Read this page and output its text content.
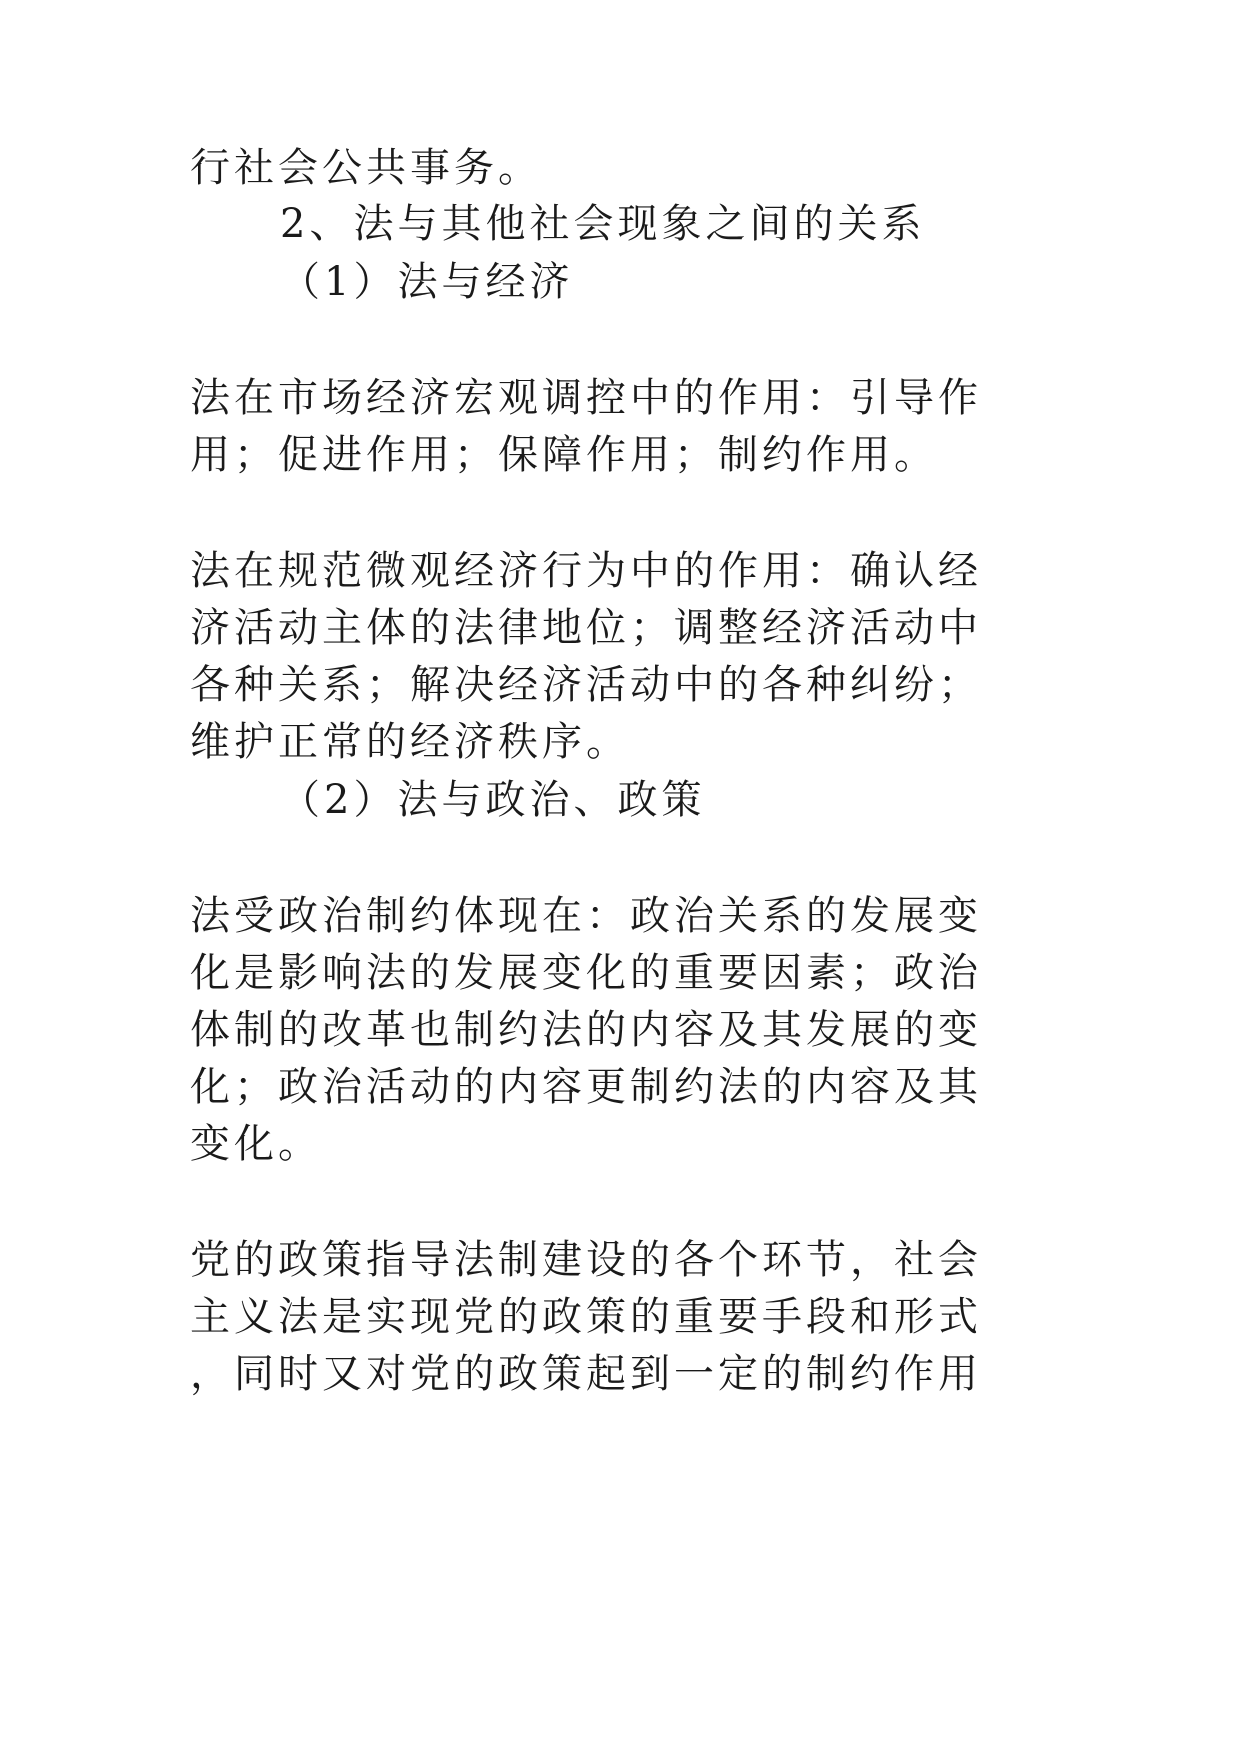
行社会公共事务。
2、法与其他社会现象之间的关系
（1）法与经济
法在市场经济宏观调控中的作用：引导作
用；促进作用；保障作用；制约作用。
法在规范微观经济行为中的作用：确认经
济活动主体的法律地位；调整经济活动中
各种关系；解决经济活动中的各种纠纷；
维护正常的经济秩序。
（2）法与政治、政策
法受政治制约体现在：政治关系的发展变
化是影响法的发展变化的重要因素；政治
体制的改革也制约法的内容及其发展的变
化；政治活动的内容更制约法的内容及其
变化。
党的政策指导法制建设的各个环节，社会
主义法是实现党的政策的重要手段和形式
，同时又对党的政策起到一定的制约作用
